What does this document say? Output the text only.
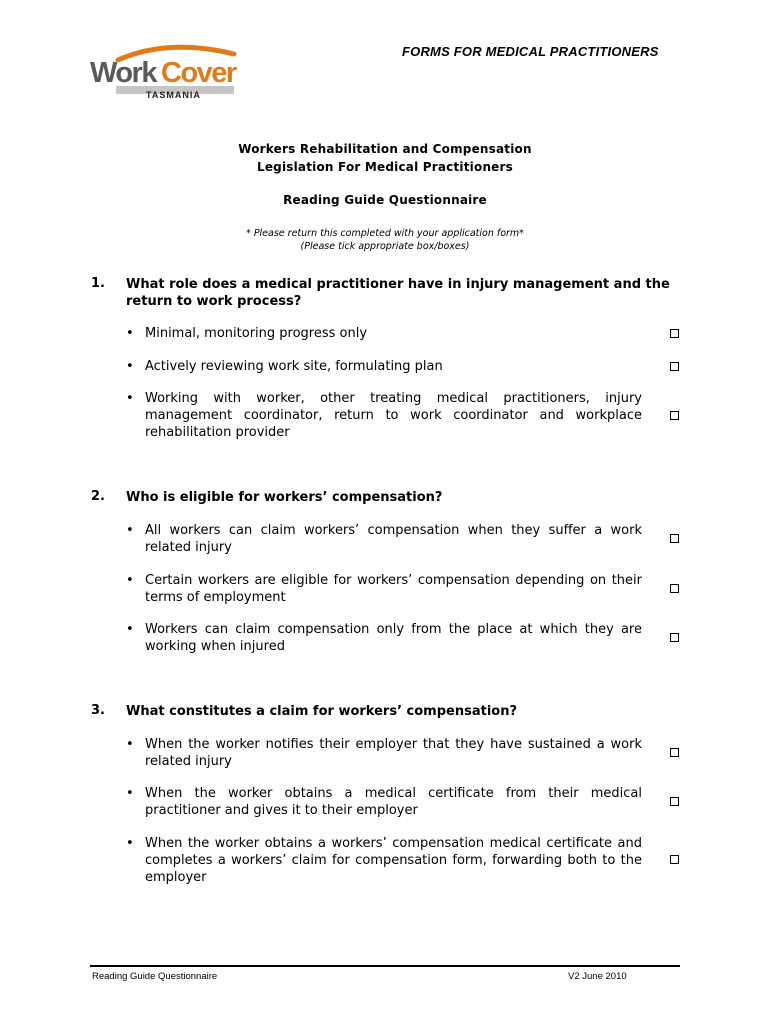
FORMS FOR MEDICAL PRACTITIONERS
Work Cover
TASMANIA
Workers Rehabilitation and Compensation
Legislation For Medical Practitioners
Reading Guide Questionnaire
* Please return this completed with your application form*
(Please tick appropriate box/boxes)
1. What role does a medical practitioner have in injury management and the return to work process?
• Minimal, monitoring progress only
• Actively reviewing work site, formulating plan
• Working with worker, other treating medical practitioners, injury management coordinator, return to work coordinator and workplace rehabilitation provider
2. Who is eligible for workers’ compensation?
• All workers can claim workers’ compensation when they suffer a work related injury
• Certain workers are eligible for workers’ compensation depending on their terms of employment
• Workers can claim compensation only from the place at which they are working when injured
3. What constitutes a claim for workers’ compensation?
• When the worker notifies their employer that they have sustained a work related injury
• When the worker obtains a medical certificate from their medical practitioner and gives it to their employer
• When the worker obtains a workers’ compensation medical certificate and completes a workers’ claim for compensation form, forwarding both to the employer
Reading Guide Questionnaire	V2 June 2010
